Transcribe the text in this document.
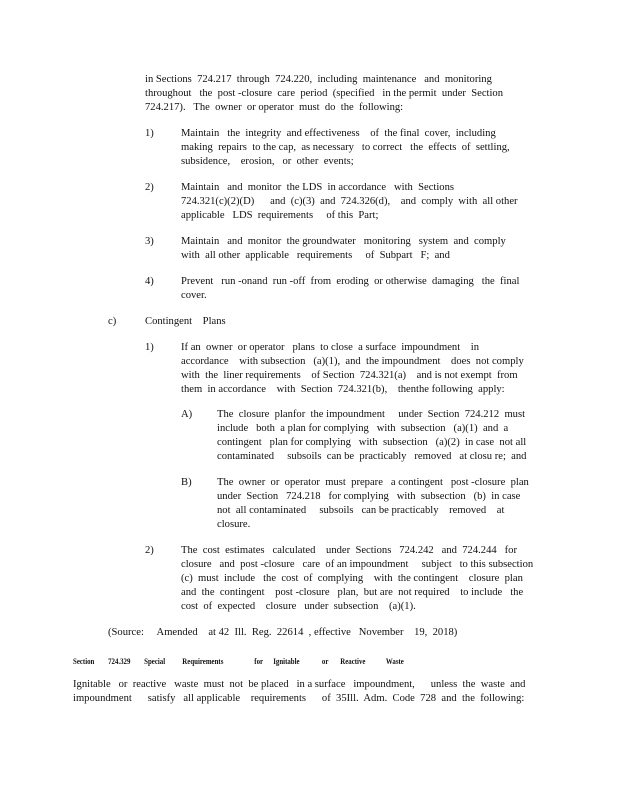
in Sections  724.217  through  724.220,  including  maintenance   and  monitoring
throughout   the  post -closure  care  period  (specified   in the permit  under  Section
724.217).   The  owner  or operator  must  do  the  following:
1)	Maintain   the  integrity  and effectiveness    of  the final  cover,  including
making  repairs  to the cap,  as necessary   to correct   the  effects  of  settling,
subsidence,    erosion,   or  other  events;
2)	Maintain   and  monitor  the LDS  in accordance   with  Sections
724.321(c)(2)(D)      and  (c)(3)  and  724.326(d),    and  comply  with  all other
applicable   LDS  requirements     of this  Part;
3)	Maintain   and  monitor  the groundwater   monitoring   system  and  comply
with  all other  applicable   requirements     of  Subpart   F;  and
4)	Prevent   run -onand  run -off  from  eroding  or otherwise  damaging   the  final
cover.
c)	Contingent    Plans
1)	If an  owner  or operator   plans  to close  a surface  impoundment    in
accordance    with subsection   (a)(1),  and  the impoundment    does  not comply
with  the  liner requirements    of Section  724.321(a)    and is not exempt  from
them  in accordance    with  Section  724.321(b),    thenthe following  apply:
A) The  closure  planfor  the impoundment     under  Section  724.212  must
include   both  a plan for complying   with  subsection   (a)(1)  and  a
contingent   plan for complying   with  subsection   (a)(2)  in case  not all
contaminated     subsoils  can be  practicably   removed   at closu re;  and
B) The  owner  or  operator  must  prepare   a contingent   post -closure  plan
under  Section   724.218   for complying   with  subsection   (b)  in case
not  all contaminated     subsoils   can be practicably    removed    at
closure.
2)	The  cost  estimates   calculated    under  Sections   724.242   and  724.244   for
closure   and  post -closure   care  of an impoundment     subject   to this subsection
(c)  must  include   the  cost  of  complying    with  the contingent    closure  plan
and  the  contingent    post -closure   plan,  but are  not required    to include   the
cost  of  expected    closure   under  subsection    (a)(1).
(Source:     Amended    at 42  Ill.  Reg.  22614  , effective   November    19,  2018)
Section        724.329        Special          Requirements                  for      Ignitable             or       Reactive            Waste
Ignitable   or  reactive   waste  must  not  be placed   in a surface   impoundment,      unless  the  waste  and
impoundment      satisfy   all applicable    requirements      of  35Ill.  Adm.  Code  728  and  the  following:
